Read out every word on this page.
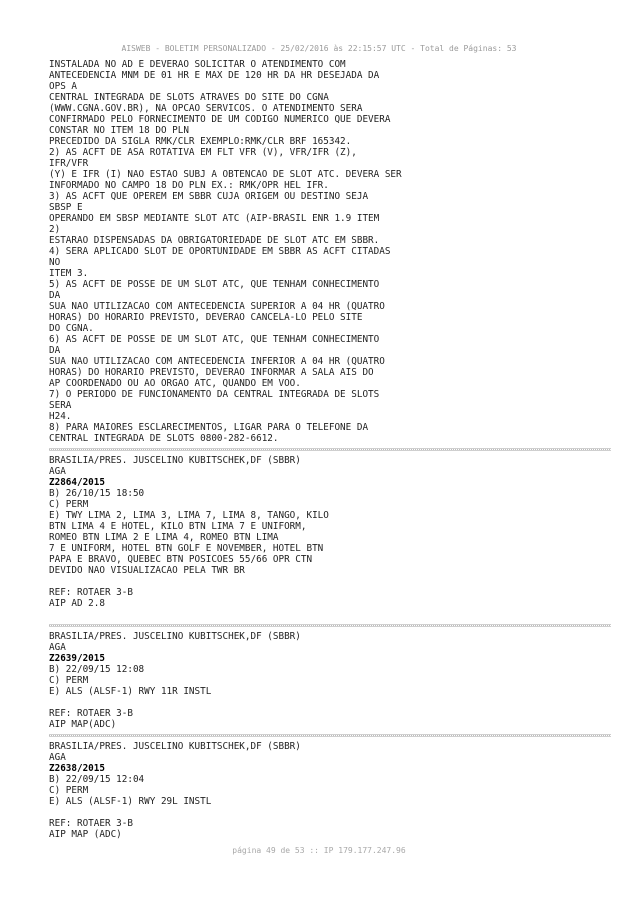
AISWEB - BOLETIM PERSONALIZADO - 25/02/2016 às 22:15:57 UTC - Total de Páginas: 53
INSTALADA NO AD E DEVERAO SOLICITAR O ATENDIMENTO COM
ANTECEDENCIA MNM DE 01 HR E MAX DE 120 HR DA HR DESEJADA DA
OPS A
CENTRAL INTEGRADA DE SLOTS ATRAVES DO SITE DO CGNA
(WWW.CGNA.GOV.BR), NA OPCAO SERVICOS. O ATENDIMENTO SERA
CONFIRMADO PELO FORNECIMENTO DE UM CODIGO NUMERICO QUE DEVERA
CONSTAR NO ITEM 18 DO PLN
PRECEDIDO DA SIGLA RMK/CLR EXEMPLO:RMK/CLR BRF 165342.
2) AS ACFT DE ASA ROTATIVA EM FLT VFR (V), VFR/IFR (Z),
IFR/VFR
(Y) E IFR (I) NAO ESTAO SUBJ A OBTENCAO DE SLOT ATC. DEVERA SER
INFORMADO NO CAMPO 18 DO PLN EX.: RMK/OPR HEL IFR.
3) AS ACFT QUE OPEREM EM SBBR CUJA ORIGEM OU DESTINO SEJA
SBSP E
OPERANDO EM SBSP MEDIANTE SLOT ATC (AIP-BRASIL ENR 1.9 ITEM
2)
ESTARAO DISPENSADAS DA OBRIGATORIEDADE DE SLOT ATC EM SBBR.
4) SERA APLICADO SLOT DE OPORTUNIDADE EM SBBR AS ACFT CITADAS
NO
ITEM 3.
5) AS ACFT DE POSSE DE UM SLOT ATC, QUE TENHAM CONHECIMENTO
DA
SUA NAO UTILIZACAO COM ANTECEDENCIA SUPERIOR A 04 HR (QUATRO
HORAS) DO HORARIO PREVISTO, DEVERAO CANCELA-LO PELO SITE
DO CGNA.
6) AS ACFT DE POSSE DE UM SLOT ATC, QUE TENHAM CONHECIMENTO
DA
SUA NAO UTILIZACAO COM ANTECEDENCIA INFERIOR A 04 HR (QUATRO
HORAS) DO HORARIO PREVISTO, DEVERAO INFORMAR A SALA AIS DO
AP COORDENADO OU AO ORGAO ATC, QUANDO EM VOO.
7) O PERIODO DE FUNCIONAMENTO DA CENTRAL INTEGRADA DE SLOTS
SERA
H24.
8) PARA MAIORES ESCLARECIMENTOS, LIGAR PARA O TELEFONE DA
CENTRAL INTEGRADA DE SLOTS 0800-282-6612.
BRASILIA/PRES. JUSCELINO KUBITSCHEK,DF (SBBR)
AGA
Z2864/2015
B) 26/10/15 18:50
C) PERM
E) TWY LIMA 2, LIMA 3, LIMA 7, LIMA 8, TANGO, KILO
BTN LIMA 4 E HOTEL, KILO BTN LIMA 7 E UNIFORM,
ROMEO BTN LIMA 2 E LIMA 4, ROMEO BTN LIMA
7 E UNIFORM, HOTEL BTN GOLF E NOVEMBER, HOTEL BTN
PAPA E BRAVO, QUEBEC BTN POSICOES 55/66 OPR CTN
DEVIDO NAO VISUALIZACAO PELA TWR BR
REF: ROTAER 3-B
AIP AD 2.8
BRASILIA/PRES. JUSCELINO KUBITSCHEK,DF (SBBR)
AGA
Z2639/2015
B) 22/09/15 12:08
C) PERM
E) ALS (ALSF-1) RWY 11R INSTL
REF: ROTAER 3-B
AIP MAP(ADC)
BRASILIA/PRES. JUSCELINO KUBITSCHEK,DF (SBBR)
AGA
Z2638/2015
B) 22/09/15 12:04
C) PERM
E) ALS (ALSF-1) RWY 29L INSTL
REF: ROTAER 3-B
AIP MAP (ADC)
página 49 de 53 :: IP 179.177.247.96
